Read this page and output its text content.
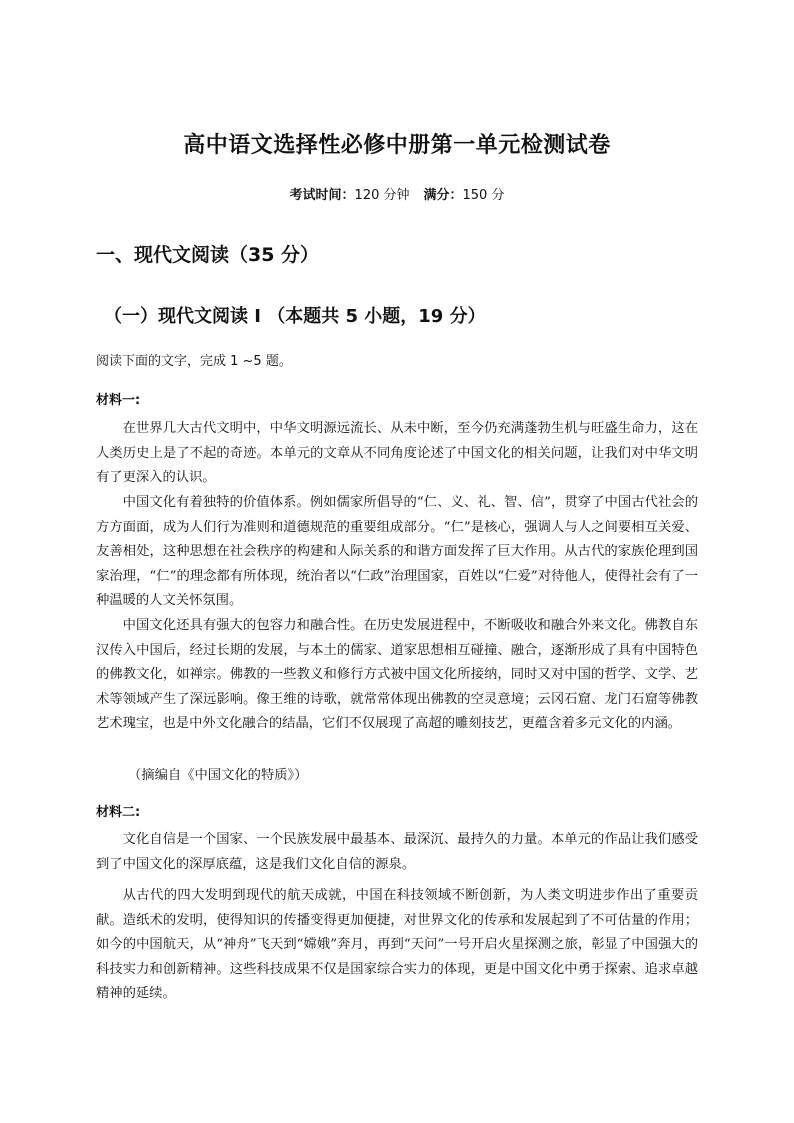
高中语文选择性必修中册第一单元检测试卷
考试时间：120 分钟 满分：150 分
一、现代文阅读（35 分）
（一）现代文阅读 Ⅰ （本题共 5 小题，19 分）
阅读下面的文字，完成 1 ~5 题。
材料一:
在世界几大古代文明中，中华文明源远流长、从未中断，至今仍充满蓬勃生机与旺盛生命力，这在人类历史上是了不起的奇迹。本单元的文章从不同角度论述了中国文化的相关问题，让我们对中华文明有了更深入的认识。
中国文化有着独特的价值体系。例如儒家所倡导的“仁、义、礼、智、信”，贯穿了中国古代社会的方方面面，成为人们行为准则和道德规范的重要组成部分。“仁”是核心，强调人与人之间要相互关爱、友善相处，这种思想在社会秩序的构建和人际关系的和谐方面发挥了巨大作用。从古代的家族伦理到国家治理，“仁”的理念都有所体现，统治者以“仁政”治理国家，百姓以“仁爱”对待他人，使得社会有了一种温暖的人文关怀氛围。
中国文化还具有强大的包容力和融合性。在历史发展进程中，不断吸收和融合外来文化。佛教自东汉传入中国后，经过长期的发展，与本土的儒家、道家思想相互碰撞、融合，逐渐形成了具有中国特色的佛教文化，如禅宗。佛教的一些教义和修行方式被中国文化所接纳，同时又对中国的哲学、文学、艺术等领域产生了深远影响。像王维的诗歌，就常常体现出佛教的空灵意境；云冈石窟、龙门石窟等佛教艺术瑰宝，也是中外文化融合的结晶，它们不仅展现了高超的雕刻技艺，更蕴含着多元文化的内涵。
（摘编自《中国文化的特质》）
材料二:
文化自信是一个国家、一个民族发展中最基本、最深沉、最持久的力量。本单元的作品让我们感受到了中国文化的深厚底蕴，这是我们文化自信的源泉。
从古代的四大发明到现代的航天成就，中国在科技领域不断创新，为人类文明进步作出了重要贡献。造纸术的发明，使得知识的传播变得更加便捷，对世界文化的传承和发展起到了不可估量的作用；如今的中国航天，从“神舟”飞天到“嫦娥”奔月，再到“天问”一号开启火星探测之旅，彰显了中国强大的科技实力和创新精神。这些科技成果不仅是国家综合实力的体现，更是中国文化中勇于探索、追求卓越精神的延续。
